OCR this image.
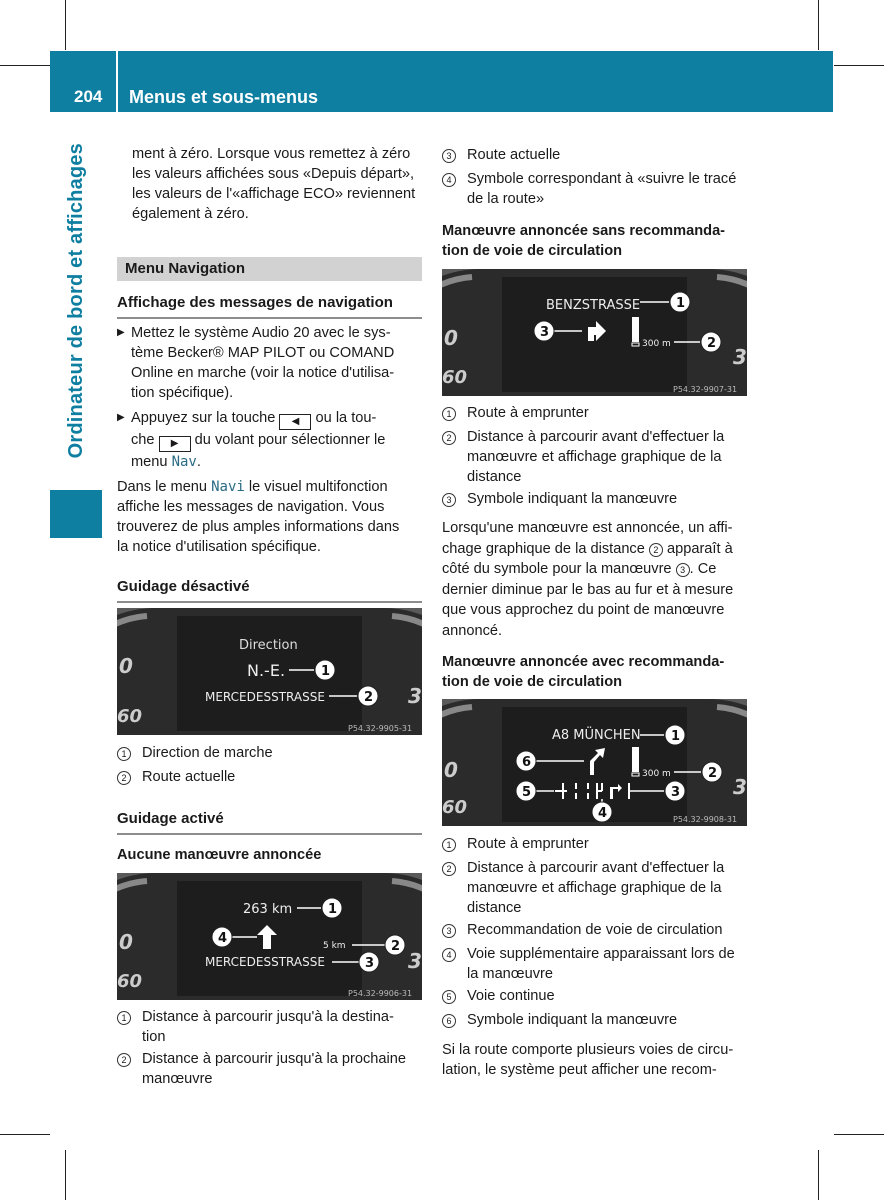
204 Menus et sous-menus
Ordinateur de bord et affichages	ment à zéro. Lorsque vous remettez à zéro

les valeurs affichées sous «Depuis départ»,

les valeurs de l'«affichage ECO» reviennent

également à zéro.

Menu Navigation
Affichage des messages de navigation
▶ Mettez le système Audio 20 avec le sys-

tème Becker® MAP PILOT ou COMAND

Online en marche (voir la notice d'utilisa-

tion spécifique).

▶ Appuyez sur la touche ◀ ou la tou-

che ▶ du volant pour sélectionner le

menu Nav.

Dans le menu Navi le visuel multifonction

affiche les messages de navigation. Vous

trouverez de plus amples informations dans

la notice d'utilisation spécifique.

Guidage désactivé
0
60
3
Direction
N.-E.
MERCEDESSTRASSE
1
2
P54.32-9905-31
1	Direction de marche
2	Route actuelle
Guidage activé
Aucune manœuvre annoncée
0
60
3
263 km
5 km
MERCEDESSTRASSE
1
4
2
3
P54.32-9906-31
1	Distance à parcourir jusqu'à la destina-
tion
2	Distance à parcourir jusqu'à la prochaine
manœuvre
3	Route actuelle
4	Symbole correspondant à «suivre le tracé
de la route»
Manœuvre annoncée sans recommanda-
tion de voie de circulation
0
60
3
BENZSTRASSE
300 m
1
3
2
P54.32-9907-31
1	Route à emprunter
2	Distance à parcourir avant d'effectuer la
manœuvre et affichage graphique de la
distance
3	Symbole indiquant la manœuvre

Lorsqu'une manœuvre est annoncée, un affi-

chage graphique de la distance 2 apparaît à

côté du symbole pour la manœuvre 3 . Ce

dernier diminue par le bas au fur et à mesure

que vous approchez du point de manœuvre

annoncé.

Manœuvre annoncée avec recommanda-
tion de voie de circulation
0
60
3
A8 MÜNCHEN
300 m
1
6
2
5	3
4	P54.32-9908-31
1	Route à emprunter
2	Distance à parcourir avant d'effectuer la
manœuvre et affichage graphique de la
distance
3	Recommandation de voie de circulation
4	Voie supplémentaire apparaissant lors de
la manœuvre
5	Voie continue
6	Symbole indiquant la manœuvre

Si la route comporte plusieurs voies de circu-

lation, le système peut afficher une recom-
